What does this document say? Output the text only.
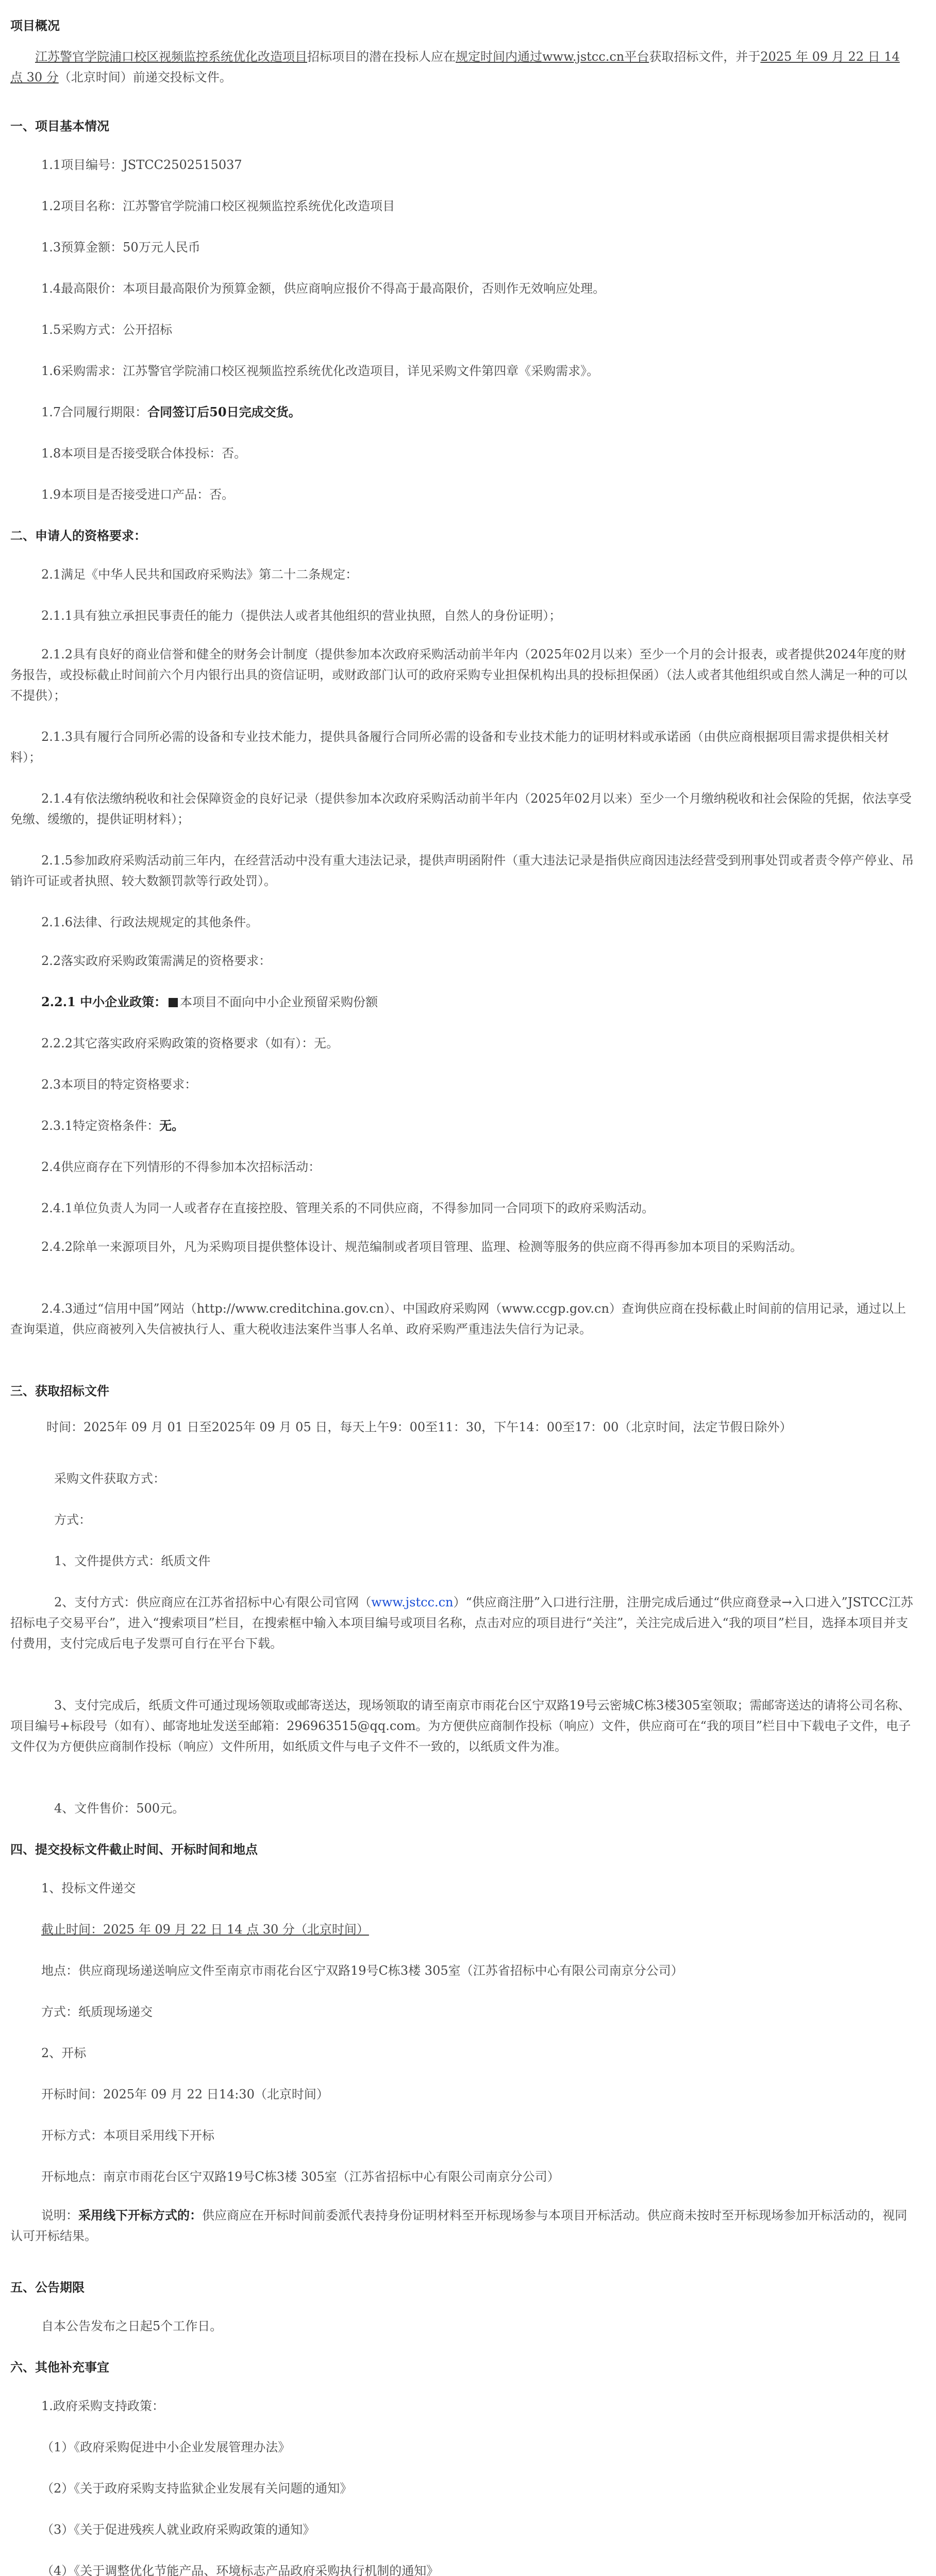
项目概况
江苏警官学院浦口校区视频监控系统优化改造项目招标项目的潜在投标人应在规定时间内通过www.jstcc.cn平台获取招标文件，并于2025 年 09 月 22 日 14 点 30 分（北京时间）前递交投标文件。
一、项目基本情况
1.1项目编号：JSTCC2502515037
1.2项目名称：江苏警官学院浦口校区视频监控系统优化改造项目
1.3预算金额：50万元人民币
1.4最高限价：本项目最高限价为预算金额，供应商响应报价不得高于最高限价，否则作无效响应处理。
1.5采购方式：公开招标
1.6采购需求：江苏警官学院浦口校区视频监控系统优化改造项目，详见采购文件第四章《采购需求》。
1.7合同履行期限：合同签订后50日完成交货。
1.8本项目是否接受联合体投标：否。
1.9本项目是否接受进口产品：否。
二、申请人的资格要求：
2.1满足《中华人民共和国政府采购法》第二十二条规定：
2.1.1具有独立承担民事责任的能力（提供法人或者其他组织的营业执照，自然人的身份证明）；
2.1.2具有良好的商业信誉和健全的财务会计制度（提供参加本次政府采购活动前半年内（2025年02月以来）至少一个月的会计报表，或者提供2024年度的财务报告，或投标截止时间前六个月内银行出具的资信证明，或财政部门认可的政府采购专业担保机构出具的投标担保函）（法人或者其他组织或自然人满足一种的可以不提供）；
2.1.3具有履行合同所必需的设备和专业技术能力，提供具备履行合同所必需的设备和专业技术能力的证明材料或承诺函（由供应商根据项目需求提供相关材料）；
2.1.4有依法缴纳税收和社会保障资金的良好记录（提供参加本次政府采购活动前半年内（2025年02月以来）至少一个月缴纳税收和社会保险的凭据，依法享受免缴、缓缴的，提供证明材料）；
2.1.5参加政府采购活动前三年内，在经营活动中没有重大违法记录，提供声明函附件（重大违法记录是指供应商因违法经营受到刑事处罚或者责令停产停业、吊销许可证或者执照、较大数额罚款等行政处罚）。
2.1.6法律、行政法规规定的其他条件。
2.2落实政府采购政策需满足的资格要求：
2.2.1 中小企业政策： 本项目不面向中小企业预留采购份额
2.2.2其它落实政府采购政策的资格要求（如有）：无。
2.3本项目的特定资格要求：
2.3.1特定资格条件：无。
2.4供应商存在下列情形的不得参加本次招标活动：
2.4.1单位负责人为同一人或者存在直接控股、管理关系的不同供应商，不得参加同一合同项下的政府采购活动。
2.4.2除单一来源项目外，凡为采购项目提供整体设计、规范编制或者项目管理、监理、检测等服务的供应商不得再参加本项目的采购活动。
2.4.3通过“信用中国”网站（http://www.creditchina.gov.cn）、中国政府采购网（www.ccgp.gov.cn）查询供应商在投标截止时间前的信用记录，通过以上查询渠道，供应商被列入失信被执行人、重大税收违法案件当事人名单、政府采购严重违法失信行为记录。
三、获取招标文件
时间：2025年 09 月 01 日至2025年 09 月 05 日，每天上午9：00至11：30，下午14：00至17：00（北京时间，法定节假日除外）
采购文件获取方式：
方式：
1、文件提供方式：纸质文件
2、支付方式：供应商应在江苏省招标中心有限公司官网（www.jstcc.cn）“供应商注册”入口进行注册，注册完成后通过“供应商登录→入口进入”JSTCC江苏招标电子交易平台”，进入“搜索项目”栏目，在搜索框中输入本项目编号或项目名称，点击对应的项目进行“关注”，关注完成后进入“我的项目”栏目，选择本项目并支付费用，支付完成后电子发票可自行在平台下载。
3、支付完成后，纸质文件可通过现场领取或邮寄送达，现场领取的请至南京市雨花台区宁双路19号云密城C栋3楼305室领取；需邮寄送达的请将公司名称、项目编号+标段号（如有）、邮寄地址发送至邮箱：296963515@qq.com。为方便供应商制作投标（响应）文件，供应商可在“我的项目”栏目中下载电子文件，电子文件仅为方便供应商制作投标（响应）文件所用，如纸质文件与电子文件不一致的，以纸质文件为准。
4、文件售价：500元。
四、提交投标文件截止时间、开标时间和地点
1、投标文件递交
截止时间：2025 年 09 月 22 日 14 点 30 分（北京时间）
地点：供应商现场递送响应文件至南京市雨花台区宁双路19号C栋3楼 305室（江苏省招标中心有限公司南京分公司）
方式：纸质现场递交
2、开标
开标时间：2025年 09 月 22 日14:30（北京时间）
开标方式：本项目采用线下开标
开标地点：南京市雨花台区宁双路19号C栋3楼 305室（江苏省招标中心有限公司南京分公司）
说明：采用线下开标方式的：供应商应在开标时间前委派代表持身份证明材料至开标现场参与本项目开标活动。供应商未按时至开标现场参加开标活动的，视同认可开标结果。
五、公告期限
自本公告发布之日起5个工作日。
六、其他补充事宜
1.政府采购支持政策：
（1）《政府采购促进中小企业发展管理办法》
（2）《关于政府采购支持监狱企业发展有关问题的通知》
（3）《关于促进残疾人就业政府采购政策的通知》
（4）《关于调整优化节能产品、环境标志产品政府采购执行机制的通知》
